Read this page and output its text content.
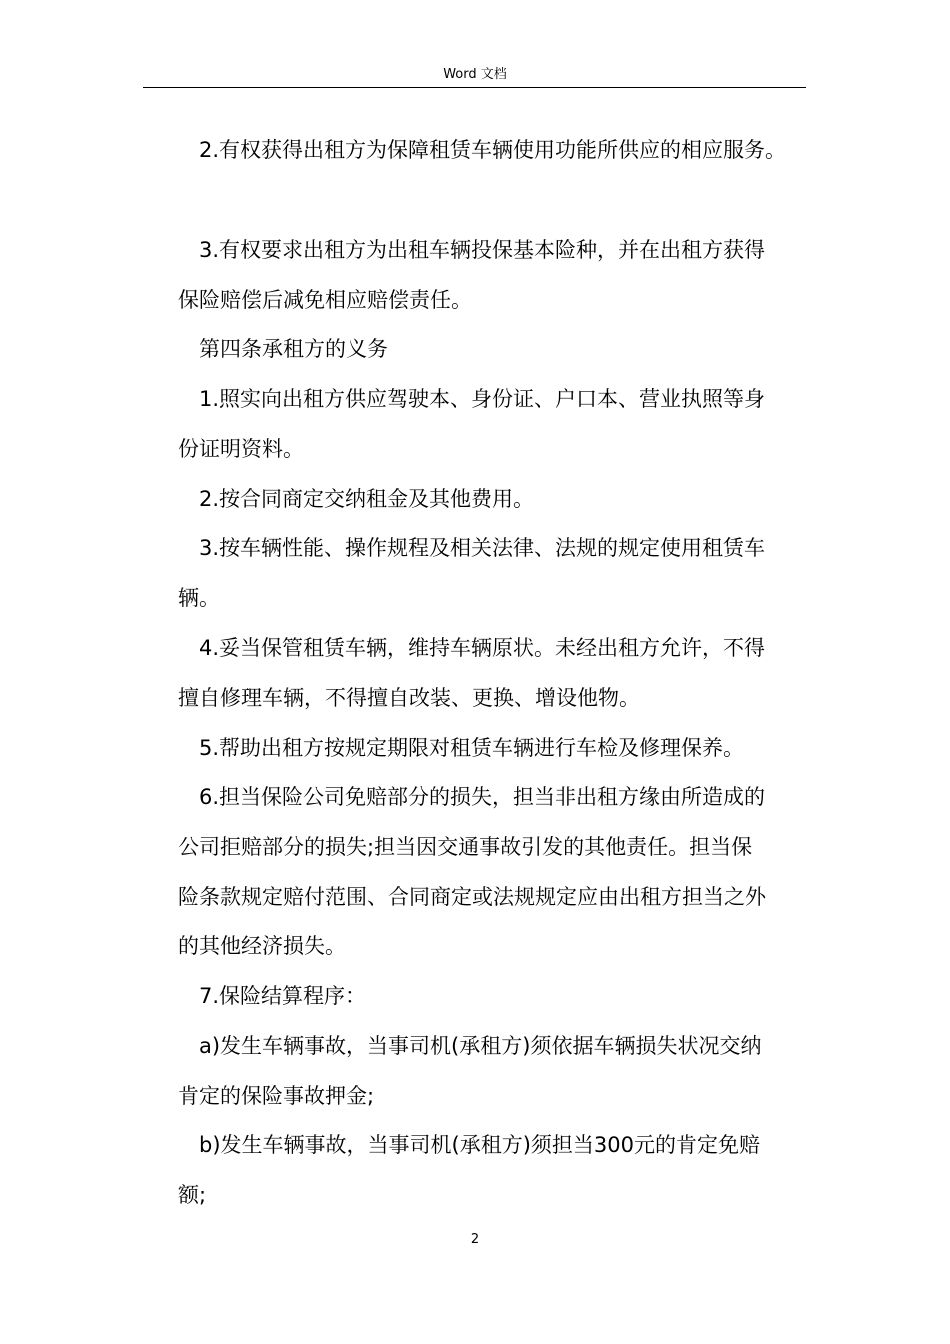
Word 文档

2.有权获得出租方为保障租赁车辆使用功能所供应的相应服务。

3.有权要求出租方为出租车辆投保基本险种，并在出租方获得

保险赔偿后减免相应赔偿责任。

第四条承租方的义务

1.照实向出租方供应驾驶本、身份证、户口本、营业执照等身

份证明资料。

2.按合同商定交纳租金及其他费用。

3.按车辆性能、操作规程及相关法律、法规的规定使用租赁车

辆。

4.妥当保管租赁车辆，维持车辆原状。未经出租方允许，不得

擅自修理车辆，不得擅自改装、更换、增设他物。

5.帮助出租方按规定期限对租赁车辆进行车检及修理保养。

6.担当保险公司免赔部分的损失，担当非出租方缘由所造成的

公司拒赔部分的损失;担当因交通事故引发的其他责任。担当保

险条款规定赔付范围、合同商定或法规规定应由出租方担当之外

的其他经济损失。

7.保险结算程序：

a)发生车辆事故，当事司机(承租方)须依据车辆损失状况交纳

肯定的保险事故押金;

b)发生车辆事故，当事司机(承租方)须担当300元的肯定免赔

额;

2
